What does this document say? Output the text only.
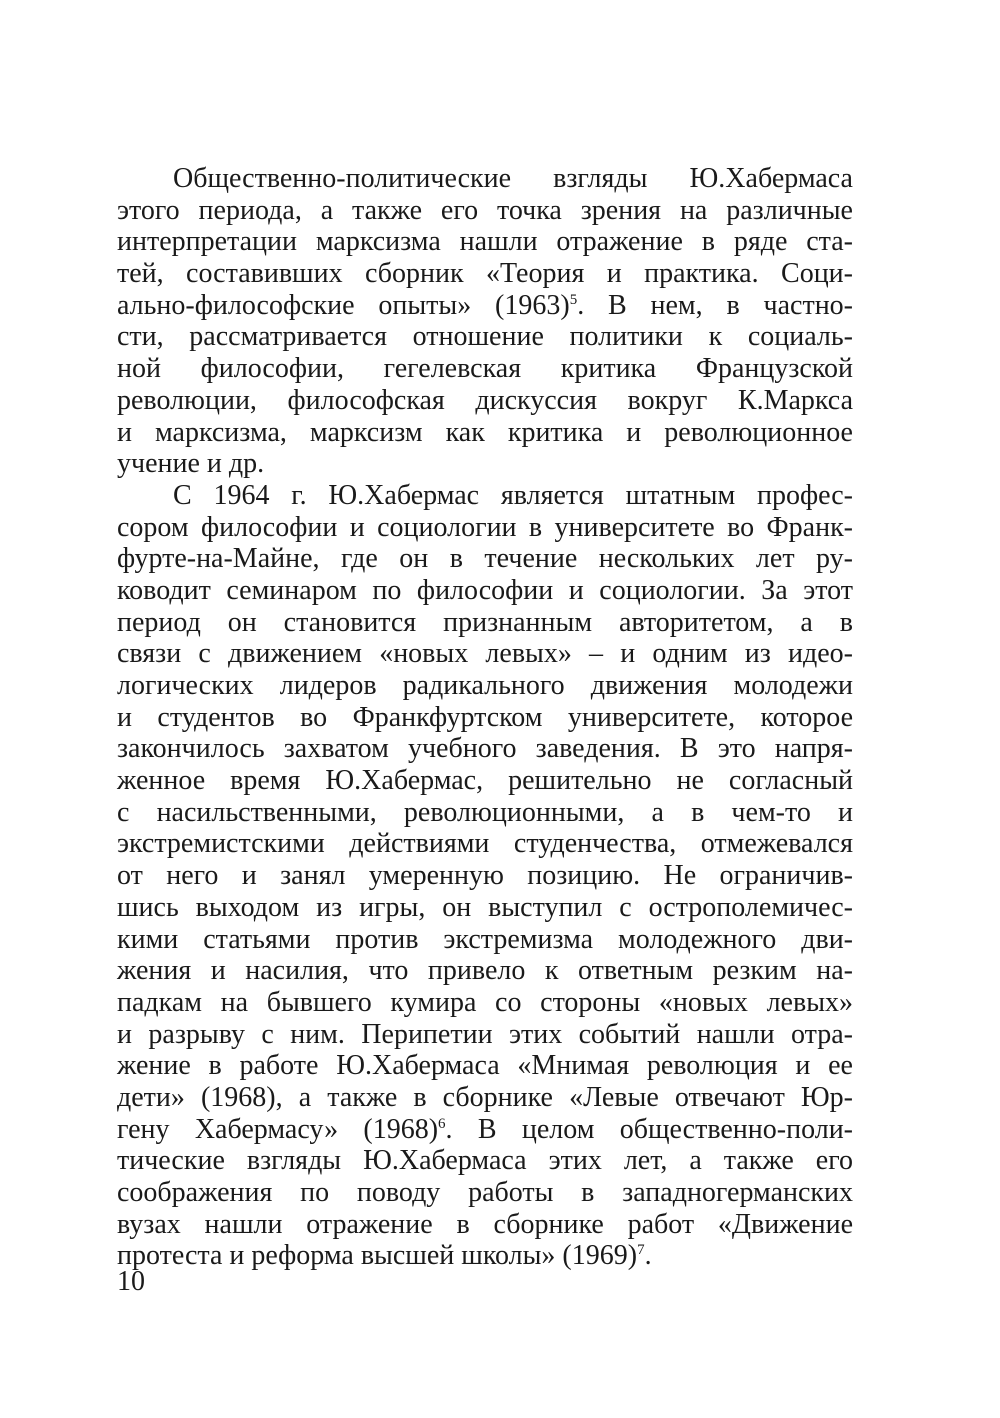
Общественно-политические взгляды Ю.Хабермаса
этого периода, а также его точка зрения на различные
интерпретации марксизма нашли отражение в ряде ста-
тей, составивших сборник «Теория и практика. Соци-
ально-философские опыты» $(1963)^5$. В нем, в частно-
сти, рассматривается отношение политики к социаль-
ной философии, гегелевская критика Французской
революции, философская дискуссия вокруг К.Маркса
и марксизма, марксизм как критика и революционное
учение и др.
С 1964 г. Ю.Хабермас является штатным профес-
сором философии и социологии в университете во Франк-
фурте-на-Майне, где он в течение нескольких лет ру-
ководит семинаром по философии и социологии. За этот
период он становится признанным авторитетом, а в
связи с движением «новых левых» – и одним из идео-
логических лидеров радикального движения молодежи
и студентов во Франкфуртском университете, которое
закончилось захватом учебного заведения. В это напря-
женное время Ю.Хабермас, решительно не согласный
с насильственными, революционными, а в чем-то и
экстремистскими действиями студенчества, отмежевался
от него и занял умеренную позицию. Не ограничив-
шись выходом из игры, он выступил с острополемичес-
кими статьями против экстремизма молодежного дви-
жения и насилия, что привело к ответным резким на-
падкам на бывшего кумира со стороны «новых левых»
и разрыву с ним. Перипетии этих событий нашли отра-
жение в работе Ю.Хабермаса «Мнимая революция и ее
дети» (1968), а также в сборнике «Левые отвечают Юр-
гену Хабермасу» $(1968)^6$. В целом общественно-поли-
тические взгляды Ю.Хабермаса этих лет, а также его
соображения по поводу работы в западногерманских
вузах нашли отражение в сборнике работ «Движение
протеста и реформа высшей школы» $(1969)^7$.
10
